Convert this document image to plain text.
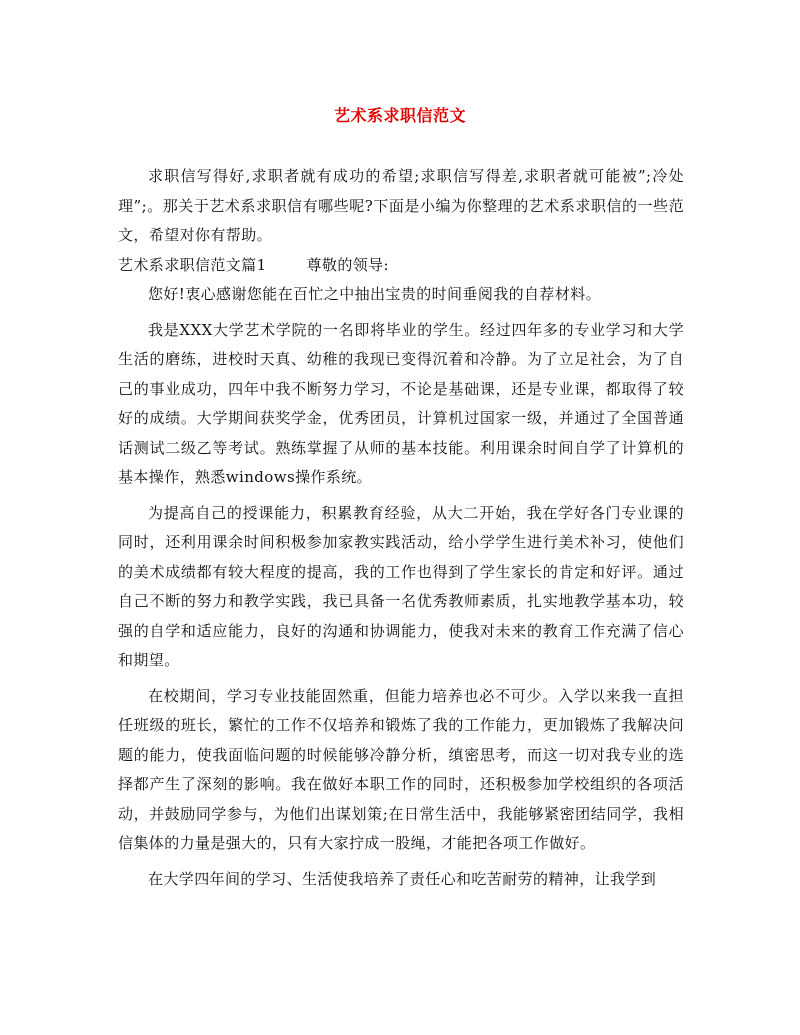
艺术系求职信范文

求职信写得好,求职者就有成功的希望;求职信写得差,求职者就可能被”;冷处理”;。那关于艺术系求职信有哪些呢?下面是小编为你整理的艺术系求职信的一些范文，希望对你有帮助。

艺术系求职信范文篇1	尊敬的领导:

您好!衷心感谢您能在百忙之中抽出宝贵的时间垂阅我的自荐材料。

我是XXX大学艺术学院的一名即将毕业的学生。经过四年多的专业学习和大学生活的磨练，进校时天真、幼稚的我现已变得沉着和冷静。为了立足社会，为了自己的事业成功，四年中我不断努力学习，不论是基础课，还是专业课，都取得了较好的成绩。大学期间获奖学金，优秀团员，计算机过国家一级，并通过了全国普通话测试二级乙等考试。熟练掌握了从师的基本技能。利用课余时间自学了计算机的基本操作，熟悉windows操作系统。

为提高自己的授课能力，积累教育经验，从大二开始，我在学好各门专业课的同时，还利用课余时间积极参加家教实践活动，给小学学生进行美术补习，使他们的美术成绩都有较大程度的提高，我的工作也得到了学生家长的肯定和好评。通过自己不断的努力和教学实践，我已具备一名优秀教师素质，扎实地教学基本功，较强的自学和适应能力，良好的沟通和协调能力，使我对未来的教育工作充满了信心和期望。

在校期间，学习专业技能固然重，但能力培养也必不可少。入学以来我一直担任班级的班长，繁忙的工作不仅培养和锻炼了我的工作能力，更加锻炼了我解决问题的能力，使我面临问题的时候能够冷静分析，缜密思考，而这一切对我专业的选择都产生了深刻的影响。我在做好本职工作的同时，还积极参加学校组织的各项活动，并鼓励同学参与，为他们出谋划策;在日常生活中，我能够紧密团结同学，我相信集体的力量是强大的，只有大家拧成一股绳，才能把各项工作做好。

在大学四年间的学习、生活使我培养了责任心和吃苦耐劳的精神，让我学到
